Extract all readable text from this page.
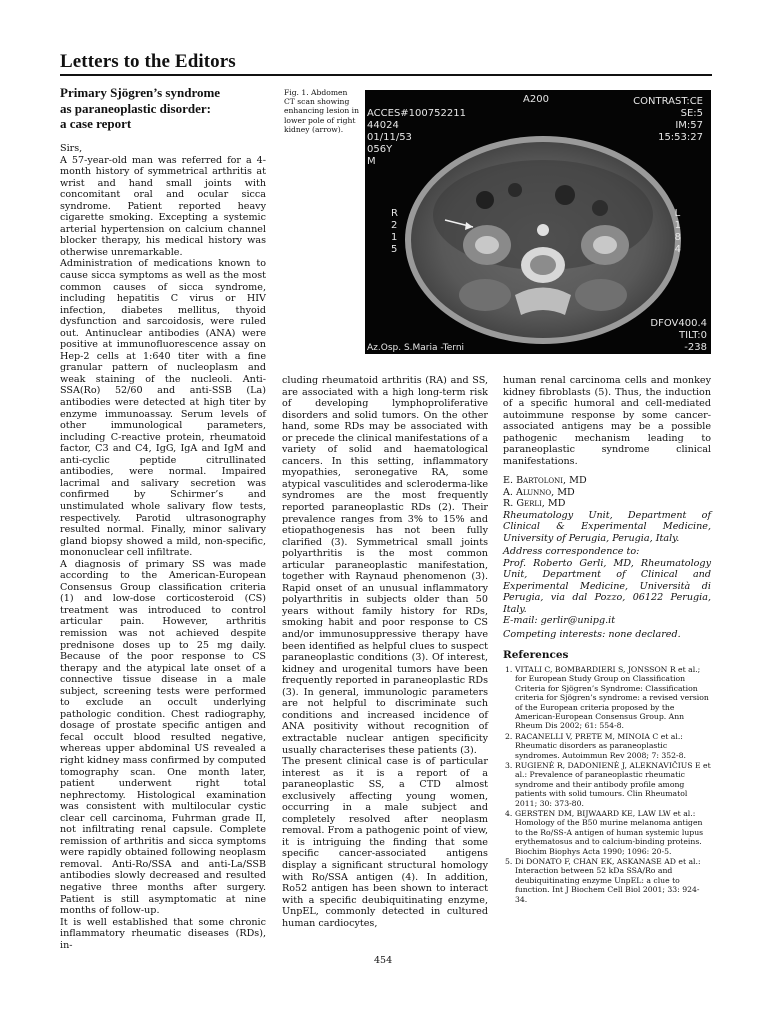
Letters to the Editors
Primary Sjögren’s syndrome
as paraneoplastic disorder:
a case report

Sirs,

A 57-year-old man was referred for a 4-month history of symmetrical arthritis at wrist and hand small joints with concomitant oral and ocular sicca syndrome. Patient reported heavy cigarette smoking. Excepting a systemic arterial hypertension on calcium channel blocker therapy, his medical history was otherwise unremarkable.

Administration of medications known to cause sicca symptoms as well as the most common causes of sicca syndrome, including hepatitis C virus or HIV infection, diabetes mellitus, thyoid dysfunction and sarcoidosis, were ruled out. Antinuclear antibodies (ANA) were positive at immunofluorescence assay on Hep-2 cells at 1:640 titer with a fine granular pattern of nucleoplasm and weak staining of the nucleoli. Anti-SSA(Ro) 52/60 and anti-SSB (La) antibodies were detected at high titer by enzyme immunoassay. Serum levels of other immunological parameters, including C-reactive protein, rheumatoid factor, C3 and C4, IgG, IgA and IgM and anti-cyclic peptide citrullinated antibodies, were normal. Impaired lacrimal and salivary secretion was confirmed by Schirmer’s and unstimulated whole salivary flow tests, respectively. Parotid ultrasonography resulted normal. Finally, minor salivary gland biopsy showed a mild, non-specific, mononuclear cell infiltrate.

A diagnosis of primary SS was made according to the American-European Consensus Group classification criteria (1) and low-dose corticosteroid (CS) treatment was introduced to control articular pain. However, arthritis remission was not achieved despite prednisone doses up to 25 mg daily. Because of the poor response to CS therapy and the atypical late onset of a connective tissue disease in a male subject, screening tests were performed to exclude an occult underlying pathologic condition. Chest radiography, dosage of prostate specific antigen and fecal occult blood resulted negative, whereas upper abdominal US revealed a right kidney mass confirmed by computed tomography scan. One month later, patient underwent right total nephrectomy. Histological examination was consistent with multilocular cystic clear cell carcinoma, Fuhrman grade II, not infiltrating renal capsule. Complete remission of arthritis and sicca symptoms were rapidly obtained following neoplasm removal. Anti-Ro/SSA and anti-La/SSB antibodies slowly decreased and resulted negative three months after surgery. Patient is still asymptomatic at nine months of follow-up.

It is well established that some chronic inflammatory rheumatic diseases (RDs), in-

Fig. 1. Abdomen CT scan showing enhancing lesion in lower pole of right kidney (arrow).
ACCES#100752211
44024
01/11/53
056Y
M
A200	CONTRAST:CE
SE:5
IM:57
15:53:27
R
2
1
5
L
1
8
4
DFOV400.4
TILT:0
-238
Az.Osp. S.Maria -Terni

cluding rheumatoid arthritis (RA) and SS, are associated with a high long-term risk of developing lymphoproliferative disorders and solid tumors. On the other hand, some RDs may be associated with or precede the clinical manifestations of a variety of solid and haematological cancers. In this setting, inflammatory myopathies, seronegative RA, some atypical vasculitides and scleroderma-like syndromes are the most frequently reported paraneoplastic RDs (2). Their prevalence ranges from 3% to 15% and etiopathogenesis has not been fully clarified (3). Symmetrical small joints polyarthritis is the most common articular paraneoplastic manifestation, together with Raynaud phenomenon (3). Rapid onset of an unusual inflammatory polyarthritis in subjects older than 50 years without family history for RDs, smoking habit and poor response to CS and/or immunosuppressive therapy have been identified as helpful clues to suspect paraneoplastic conditions (3). Of interest, kidney and urogenital tumors have been frequently reported in paraneoplastic RDs (3). In general, immunologic parameters are not helpful to discriminate such conditions and increased incidence of ANA positivity without recognition of extractable nuclear antigen specificity usually characterises these patients (3).

The present clinical case is of particular interest as it is a report of a paraneoplastic SS, a CTD almost exclusively affecting young women, occurring in a male subject and completely resolved after neoplasm removal. From a pathogenic point of view, it is intriguing the finding that some specific cancer-associated antigens display a significant structural homology with Ro/SSA antigen (4). In addition, Ro52 antigen has been shown to interact with a specific deubiquitinating enzyme, UnpEL, commonly detected in cultured human cardiocytes,

human renal carcinoma cells and monkey kidney fibroblasts (5). Thus, the induction of a specific humoral and cell-mediated autoimmune response by some cancer-associated antigens may be a possible pathogenic mechanism leading to paraneoplastic syndrome clinical manifestations.

E. Bartoloni, MD
A. Alunno, MD
R. Gerli, MD
Rheumatology Unit, Department of Clinical & Experimental Medicine, University of Perugia, Perugia, Italy.
Address correspondence to:
Prof. Roberto Gerli, MD, Rheumatology Unit, Department of Clinical and Experimental Medicine, Università di Perugia, via dal Pozzo, 06122 Perugia, Italy.
E-mail: gerlir@unipg.it
Competing interests: none declared.
References
1. VITALI C, BOMBARDIERI S, JONSSON R et al.; for European Study Group on Classification Criteria for Sjögren’s Syndrome: Classification criteria for Sjögren’s syndrome: a revised version of the European criteria proposed by the American-European Consensus Group. Ann Rheum Dis 2002; 61: 554-8.
2. RACANELLI V, PRETE M, MINOIA C et al.: Rheumatic disorders as paraneoplastic syndromes. Autoimmun Rev 2008; 7: 352-8.
3. RUGIENĖ R, DADONIENĖ J, ALEKNAVIČIUS E et al.: Prevalence of paraneoplastic rheumatic syndrome and their antibody profile among patients with solid tumours. Clin Rheumatol 2011; 30: 373-80.
4. GERSTEN DM, BIJWAARD KE, LAW LW et al.: Homology of the B50 murine melanoma antigen to the Ro/SS-A antigen of human systemic lupus erythematosus and to calcium-binding proteins. Biochim Biophys Acta 1990; 1096: 20-5.
5. Di DONATO F, CHAN EK, ASKANASE AD et al.: Interaction between 52 kDa SSA/Ro and deubiquitinating enzyme UnpEL: a clue to function. Int J Biochem Cell Biol 2001; 33: 924-34.
454
